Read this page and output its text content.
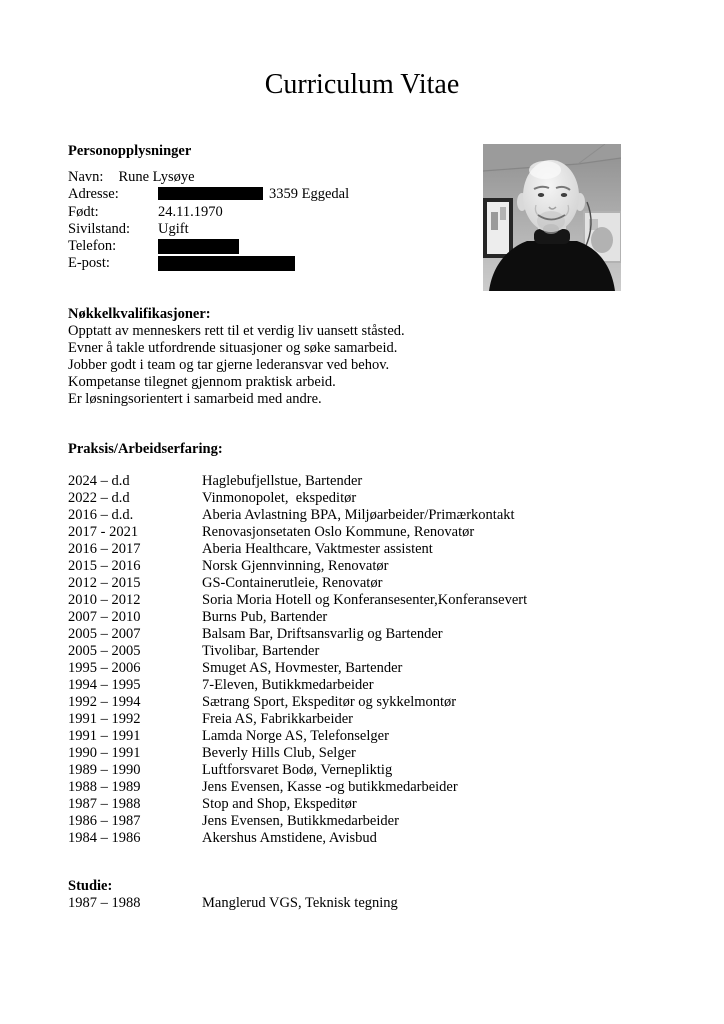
Curriculum Vitae
Personopplysninger
Navn: Rune Lysøye
Adresse:	3359 Eggedal
Født:	24.11.1970
Sivilstand: Ugift
Telefon:
E-post:
Nøkkelkvalifikasjoner:
Opptatt av menneskers rett til et verdig liv uansett ståsted.
Evner å takle utfordrende situasjoner og søke samarbeid.
Jobber godt i team og tar gjerne lederansvar ved behov.
Kompetanse tilegnet gjennom praktisk arbeid.
Er løsningsorientert i samarbeid med andre.
Praksis/Arbeidserfaring:
2024 – d.d	Haglebufjellstue, Bartender
2022 – d.d	Vinmonopolet,  ekspeditør
2016 – d.d.	Aberia Avlastning BPA, Miljøarbeider/Primærkontakt
2017 - 2021	Renovasjonsetaten Oslo Kommune, Renovatør
2016 – 2017	Aberia Healthcare, Vaktmester assistent
2015 – 2016	Norsk Gjennvinning, Renovatør
2012 – 2015	GS-Containerutleie, Renovatør
2010 – 2012	Soria Moria Hotell og Konferansesenter,Konferansevert
2007 – 2010	Burns Pub, Bartender
2005 – 2007	Balsam Bar, Driftsansvarlig og Bartender
2005 – 2005	Tivolibar, Bartender
1995 – 2006	Smuget AS, Hovmester, Bartender
1994 – 1995	7-Eleven, Butikkmedarbeider
1992 – 1994	Sætrang Sport, Ekspeditør og sykkelmontør
1991 – 1992	Freia AS, Fabrikkarbeider
1991 – 1991	Lamda Norge AS, Telefonselger
1990 – 1991	Beverly Hills Club, Selger
1989 – 1990	Luftforsvaret Bodø, Vernepliktig
1988 – 1989	Jens Evensen, Kasse -og butikkmedarbeider
1987 – 1988	Stop and Shop, Ekspeditør
1986 – 1987	Jens Evensen, Butikkmedarbeider
1984 – 1986	Akershus Amstidene, Avisbud
Studie:
1987 – 1988	Manglerud VGS, Teknisk tegning
